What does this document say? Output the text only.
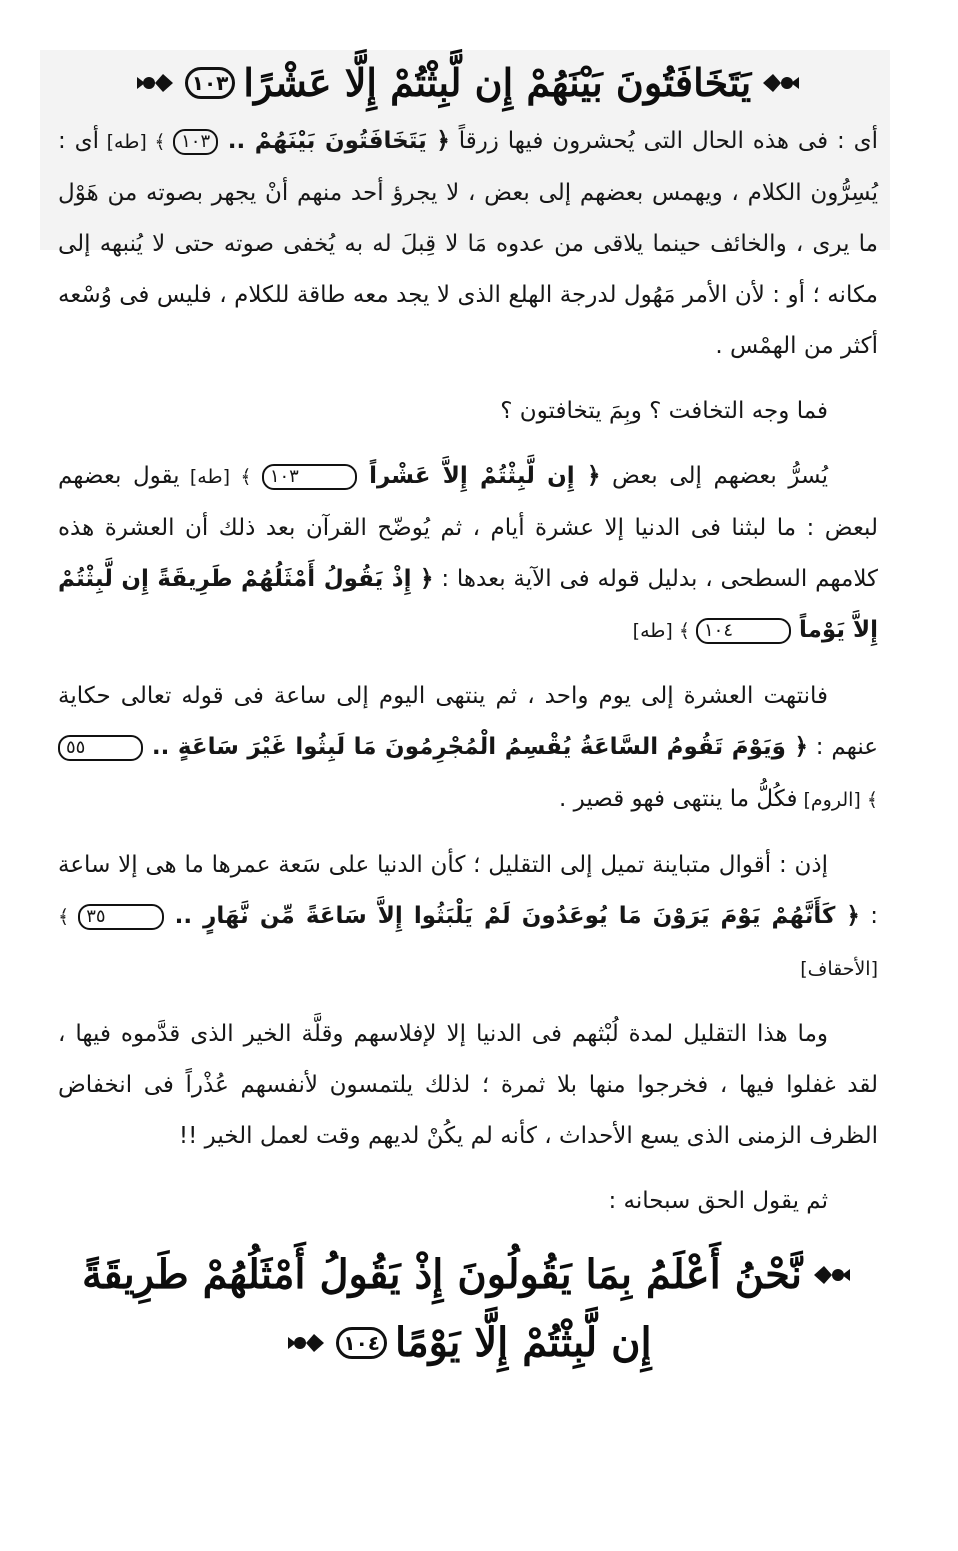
يَتَخَافَتُونَ بَيْنَهُمْ إِن لَّبِثْتُمْ إِلَّا عَشْرًا
١٠٣

أى : فى هذه الحال التى يُحشرون فيها زرقاً ﴿ يَتَخَافَتُونَ بَيْنَهُمْ .. ١٠٣ ﴾ [طه] أى : يُسِرُّون الكلام ، ويهمس بعضهم إلى بعض ، لا يجرؤ أحد منهم أنْ يجهر بصوته من هَوْل ما يرى ، والخائف حينما يلاقى من عدوه مَا لا قِبلَ له به يُخفى صوته حتى لا يُنبهه إلى مكانه ؛ أو : لأن الأمر مَهُول لدرجة الهلع الذى لا يجد معه طاقة للكلام ، فليس فى وُسْعه أكثر من الهمْس .

فما وجه التخافت ؟ وبِمَ يتخافتون ؟

يُسرُّ بعضهم إلى بعض ﴿ إِن لَّبِثْتُمْ إِلاَّ عَشْراً ١٠٣ ﴾ [طه] يقول بعضهم لبعض : ما لبثنا فى الدنيا إلا عشرة أيام ، ثم يُوضّح القرآن بعد ذلك أن العشرة هذه كلامهم السطحى ، بدليل قوله فى الآية بعدها : ﴿ إِذْ يَقُولُ أَمْثَلُهُمْ طَرِيقَةً إِن لَّبِثْتُمْ إِلاَّ يَوْماً ١٠٤ ﴾ [طه]

فانتهت العشرة إلى يوم واحد ، ثم ينتهى اليوم إلى ساعة فى قوله تعالى حكاية عنهم : ﴿ وَيَوْمَ تَقُومُ السَّاعَةُ يُقْسِمُ الْمُجْرِمُونَ مَا لَبِثُوا غَيْرَ سَاعَةٍ .. ٥٥ ﴾ [الروم] فكُلُّ ما ينتهى فهو قصير .

إذن : أقوال متباينة تميل إلى التقليل ؛ كأن الدنيا على سَعة عمرها ما هى إلا ساعة : ﴿ كَأَنَّهُمْ يَوْمَ يَرَوْنَ مَا يُوعَدُونَ لَمْ يَلْبَثُوا إِلاَّ سَاعَةً مِّن نَّهَارٍ .. ٣٥ ﴾ [الأحقاف]

وما هذا التقليل لمدة لُبْثهم فى الدنيا إلا لإفلاسهم وقلَّة الخير الذى قدَّموه فيها ، لقد غفلوا فيها ، فخرجوا منها بلا ثمرة ؛ لذلك يلتمسون لأنفسهم عُذْراً فى انخفاض الظرف الزمنى الذى يسع الأحداث ، كأنه لم يكُنْ لديهم وقت لعمل الخير !!

ثم يقول الحق سبحانه :

نَّحْنُ أَعْلَمُ بِمَا يَقُولُونَ إِذْ يَقُولُ أَمْثَلُهُمْ طَرِيقَةً
إِن لَّبِثْتُمْ إِلَّا يَوْمًا
١٠٤
